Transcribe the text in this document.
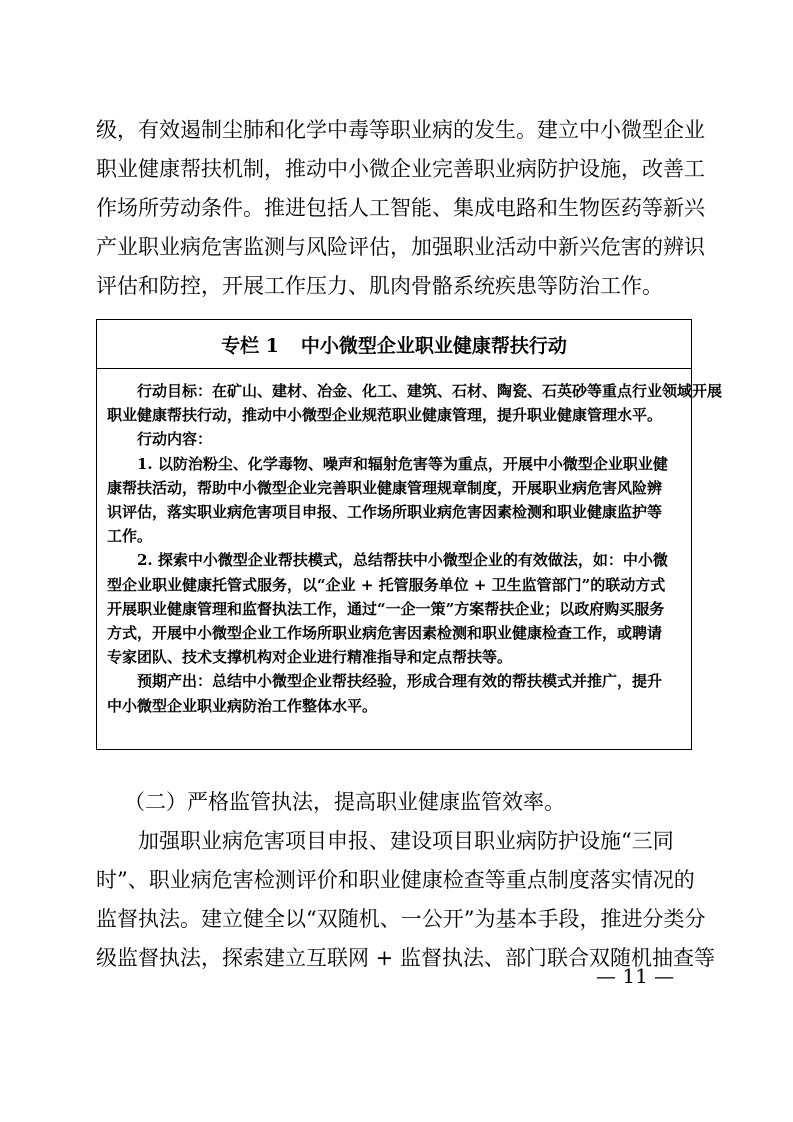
级，有效遏制尘肺和化学中毒等职业病的发生。建立中小微型企业
职业健康帮扶机制，推动中小微企业完善职业病防护设施，改善工
作场所劳动条件。推进包括人工智能、集成电路和生物医药等新兴
产业职业病危害监测与风险评估，加强职业活动中新兴危害的辨识
评估和防控，开展工作压力、肌肉骨骼系统疾患等防治工作。
专栏 1 中小微型企业职业健康帮扶行动
行动目标：在矿山、建材、冶金、化工、建筑、石材、陶瓷、石英砂等重点行业领域开展
职业健康帮扶行动，推动中小微型企业规范职业健康管理，提升职业健康管理水平。
行动内容：
1. 以防治粉尘、化学毒物、噪声和辐射危害等为重点，开展中小微型企业职业健
康帮扶活动，帮助中小微型企业完善职业健康管理规章制度，开展职业病危害风险辨
识评估，落实职业病危害项目申报、工作场所职业病危害因素检测和职业健康监护等
工作。
2. 探索中小微型企业帮扶模式，总结帮扶中小微型企业的有效做法，如：中小微
型企业职业健康托管式服务，以“企业 + 托管服务单位 + 卫生监管部门”的联动方式
开展职业健康管理和监督执法工作，通过“一企一策”方案帮扶企业；以政府购买服务
方式，开展中小微型企业工作场所职业病危害因素检测和职业健康检查工作，或聘请
专家团队、技术支撑机构对企业进行精准指导和定点帮扶等。
预期产出：总结中小微型企业帮扶经验，形成合理有效的帮扶模式并推广，提升
中小微型企业职业病防治工作整体水平。
（二）严格监管执法，提高职业健康监管效率。
加强职业病危害项目申报、建设项目职业病防护设施“三同
时”、职业病危害检测评价和职业健康检查等重点制度落实情况的
监督执法。建立健全以“双随机、一公开”为基本手段，推进分类分
级监督执法，探索建立互联网 + 监督执法、部门联合双随机抽查等
— 11 —
